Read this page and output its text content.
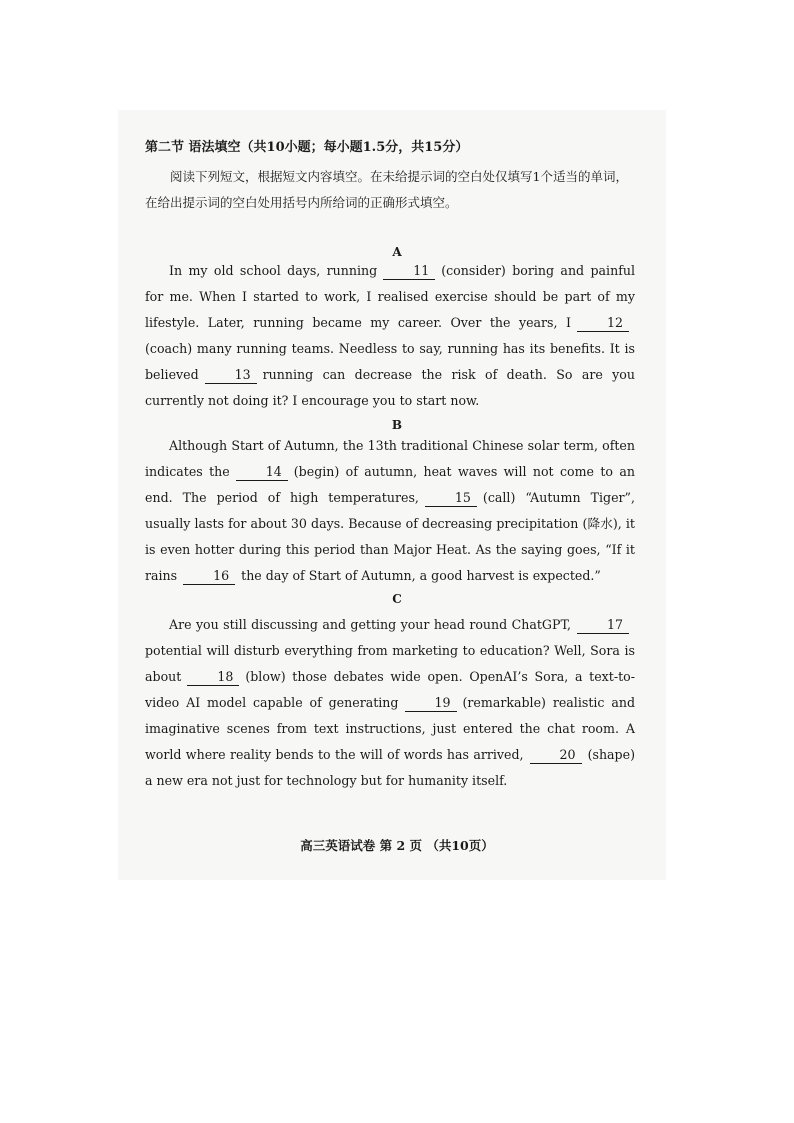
第二节 语法填空（共10小题；每小题1.5分，共15分）
阅读下列短文，根据短文内容填空。在未给提示词的空白处仅填写1个适当的单词，
在给出提示词的空白处用括号内所给词的正确形式填空。
A

In my old school days, running	11 (consider) boring and painful for me. When I started to work, I realised exercise should be part of my lifestyle. Later, running became my career. Over the years, I	12(coach) many running teams. Needless to say, running has its benefits. It is believed	13 running can decrease the risk of death. So are you currently not doing it? I encourage you to start now.

B

Although Start of Autumn, the 13th traditional Chinese solar term, often indicates the	14 (begin) of autumn, heat waves will not come to an end. The period of high temperatures,	15 (call) “Autumn Tiger”, usually lasts for about 30 days. Because of decreasing precipitation (降水), it is even hotter during this period than Major Heat. As the saying goes, “If it rains	16 the day of Start of Autumn, a good harvest is expected.”

C

Are you still discussing and getting your head round ChatGPT,	17potential will disturb everything from marketing to education? Well, Sora is about	18 (blow) those debates wide open. OpenAI’s Sora, a text-to-video AI model capable of generating	19 (remarkable) realistic and imaginative scenes from text instructions, just entered the chat room. A world where reality bends to the will of words has arrived,	20 (shape) a new era not just for technology but for humanity itself.

高三英语试卷 第 2 页 （共10页）
